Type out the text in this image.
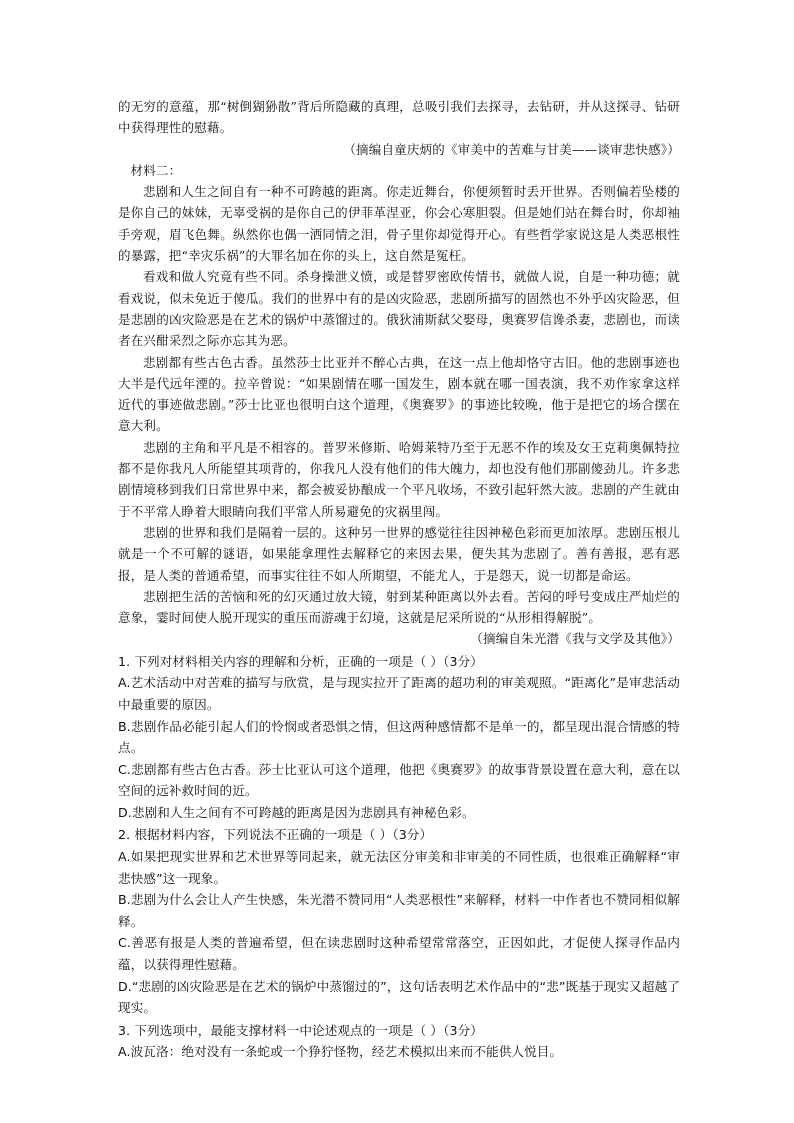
的无穷的意蕴，那“树倒猢狲散”背后所隐藏的真理，总吸引我们去探寻，去钻研，并从这探寻、钻研中获得理性的慰藉。

（摘编自童庆炳的《审美中的苦难与甘美——谈审悲快感》）

材料二：

悲剧和人生之间自有一种不可跨越的距离。你走近舞台，你便须暂时丢开世界。否则偏若坠楼的是你自己的妹妹，无辜受祸的是你自己的伊菲革涅亚，你会心寒胆裂。但是她们站在舞台时，你却袖手旁观，眉飞色舞。纵然你也偶一洒同情之泪，骨子里你却觉得开心。有些哲学家说这是人类恶根性的暴露，把“幸灾乐祸”的大罪名加在你的头上，这自然是冤枉。

看戏和做人究竟有些不同。杀身操泄义愤，或是替罗密欧传情书，就做人说，自是一种功德；就看戏说，似未免近于傻瓜。我们的世界中有的是凶灾险恶，悲剧所描写的固然也不外乎凶灾险恶，但是悲剧的凶灾险恶是在艺术的锅炉中蒸馏过的。俄狄浦斯弑父娶母，奥赛罗信谗杀妻，悲剧也，而读者在兴酣采烈之际亦忘其为恶。

悲剧都有些古色古香。虽然莎士比亚并不醉心古典，在这一点上他却恪守古旧。他的悲剧事迹也大半是代远年湮的。拉辛曾说：“如果剧情在哪一国发生，剧本就在哪一国表演，我不劝作家拿这样近代的事迹做悲剧。”莎士比亚也很明白这个道理，《奥赛罗》的事迹比较晚，他于是把它的场合摆在意大利。

悲剧的主角和平凡是不相容的。普罗米修斯、哈姆莱特乃至于无恶不作的埃及女王克莉奥佩特拉都不是你我凡人所能望其项背的，你我凡人没有他们的伟大魄力，却也没有他们那副傻劲儿。许多悲剧情境移到我们日常世界中来，都会被妥协酿成一个平凡收场，不致引起轩然大波。悲剧的产生就由于不平常人睁着大眼睛向我们平常人所易避免的灾祸里闯。

悲剧的世界和我们是隔着一层的。这种另一世界的感觉往往因神秘色彩而更加浓厚。悲剧压根儿就是一个不可解的谜语，如果能拿理性去解释它的来因去果，便失其为悲剧了。善有善报，恶有恶报，是人类的普通希望，而事实往往不如人所期望，不能尤人，于是怨天，说一切都是命运。

悲剧把生活的苦恼和死的幻灭通过放大镜，射到某种距离以外去看。苦闷的呼号变成庄严灿烂的意象，霎时间使人脱开现实的重压而游魂于幻境，这就是尼采所说的“从形相得解脱”。

（摘编自朱光潜《我与文学及其他》）

1. 下列对材料相关内容的理解和分析，正确的一项是（ ）（3分）

A.艺术活动中对苦难的描写与欣赏，是与现实拉开了距离的超功利的审美观照。“距离化”是审悲活动中最重要的原因。

B.悲剧作品必能引起人们的怜悯或者恐惧之情，但这两种感情都不是单一的，都呈现出混合情感的特点。

C.悲剧都有些古色古香。莎士比亚认可这个道理，他把《奥赛罗》的故事背景设置在意大利，意在以空间的远补救时间的近。

D.悲剧和人生之间有不可跨越的距离是因为悲剧具有神秘色彩。

2. 根据材料内容，下列说法不正确的一项是（ ）（3分）

A.如果把现实世界和艺术世界等同起来，就无法区分审美和非审美的不同性质，也很难正确解释“审悲快感”这一现象。

B.悲剧为什么会让人产生快感，朱光潜不赞同用“人类恶根性”来解释，材料一中作者也不赞同相似解释。

C.善恶有报是人类的普遍希望，但在读悲剧时这种希望常常落空，正因如此，才促使人探寻作品内蕴，以获得理性慰藉。

D.“悲剧的凶灾险恶是在艺术的锅炉中蒸馏过的”，这句话表明艺术作品中的“悲”既基于现实又超越了现实。

3. 下列选项中，最能支撑材料一中论述观点的一项是（ ）（3分）

A.波瓦洛：绝对没有一条蛇或一个狰狞怪物，经艺术模拟出来而不能供人悦目。
